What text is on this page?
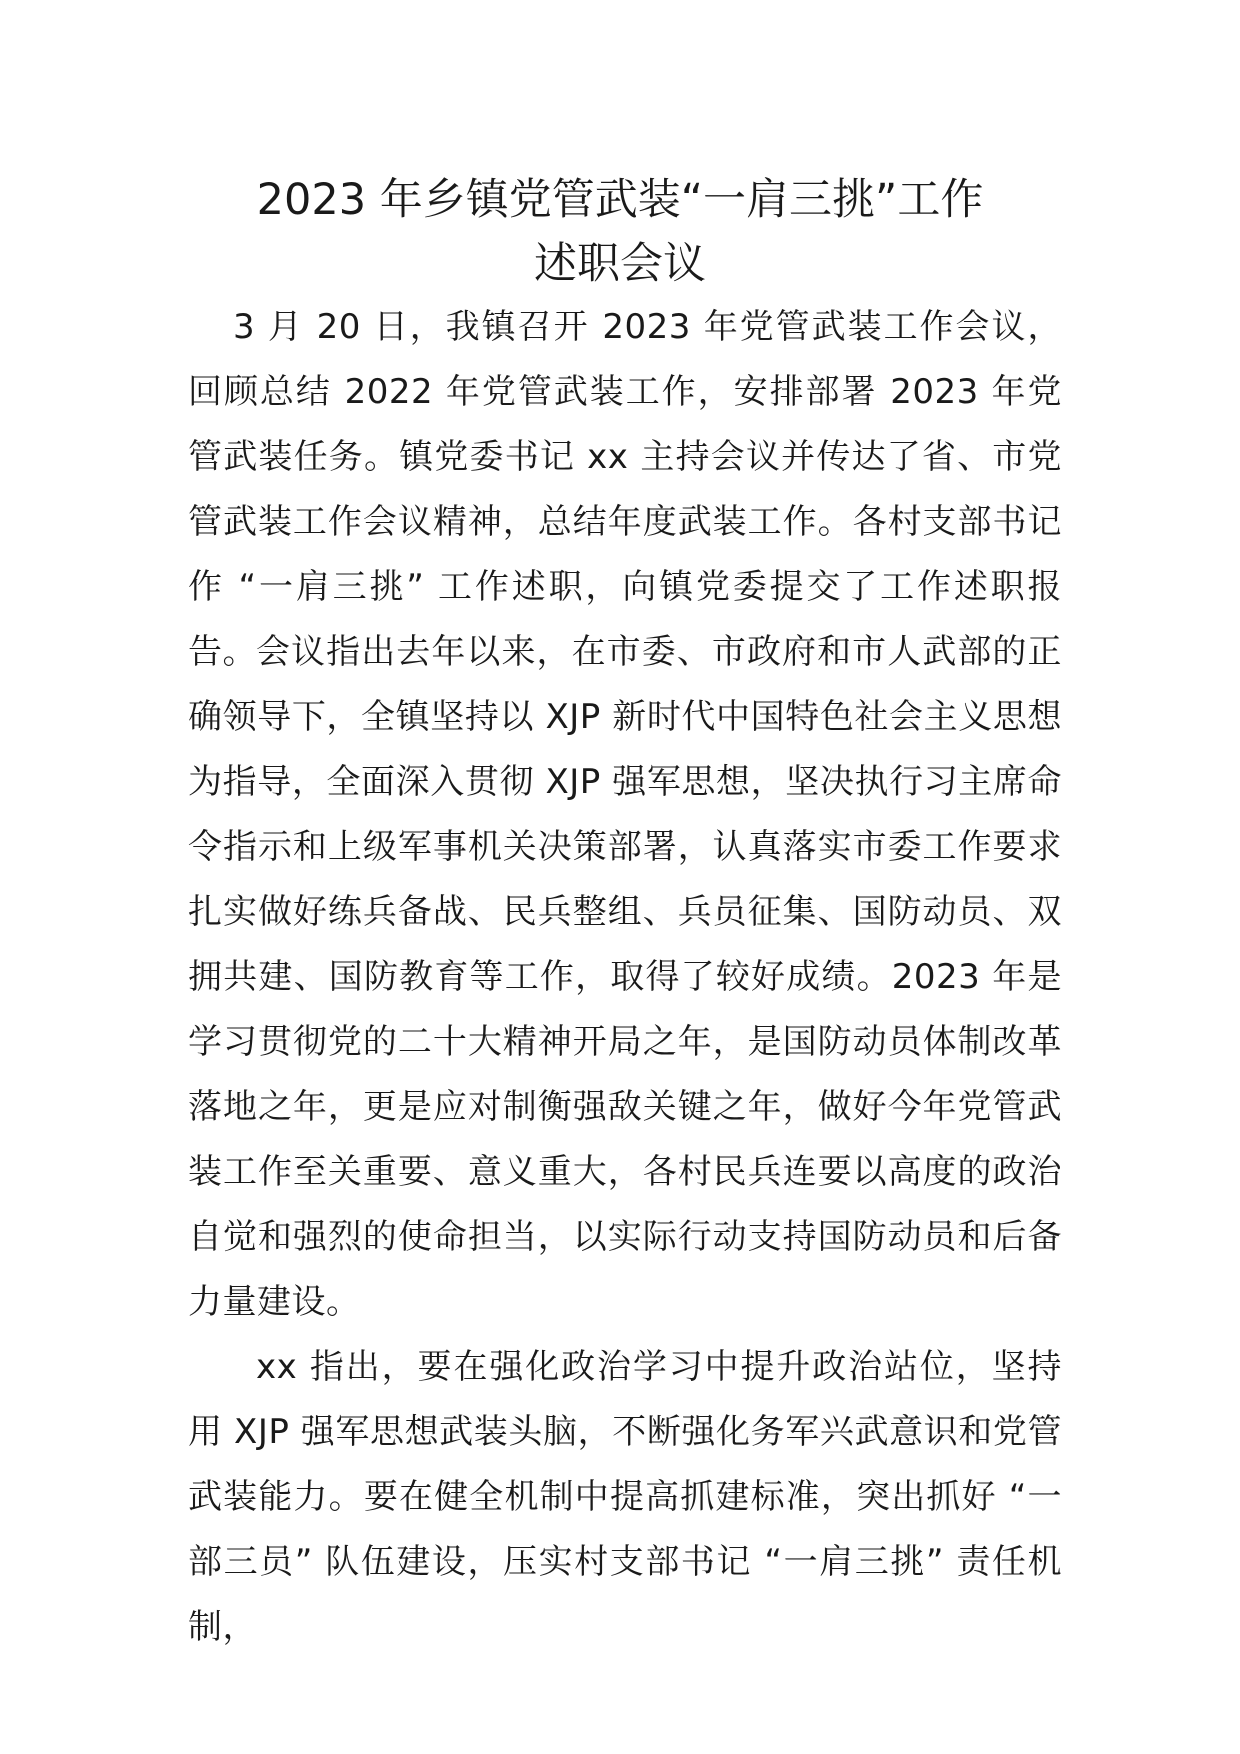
2023 年乡镇党管武装“一肩三挑”工作
述职会议

3 月 20 日，我镇召开 2023 年党管武装工作会议，回顾总结 2022 年党管武装工作，安排部署 2023 年党管武装任务。镇党委书记 xx 主持会议并传达了省、市党管武装工作会议精神，总结年度武装工作。各村支部书记作 “一肩三挑” 工作述职，向镇党委提交了工作述职报告。 会议指出去年以来，在市委、市政府和市人武部的正确领导下，全镇坚持以 XJP 新时代中国特色社会主义思想为指导，全面深入贯彻 XJP 强军思想，坚决执行习主席命令指示和上级军事机关决策部署，认真落实市委工作要求扎实做好练兵备战、民兵整组、兵员征集、国防动员、双拥共建、国防教育等工作，取得了较好成绩。2023 年是学习贯彻党的二十大精神开局之年，是国防动员体制改革落地之年，更是应对制衡强敌关键之年，做好今年党管武装工作至关重要、意义重大，各村民兵连要以高度的政治自觉和强烈的使命担当，以实际行动支持国防动员和后备力量建设。

xx 指出，要在强化政治学习中提升政治站位，坚持用 XJP 强军思想武装头脑，不断强化务军兴武意识和党管武装能力。要在健全机制中提高抓建标准，突出抓好 “一部三员” 队伍建设，压实村支部书记 “一肩三挑” 责任机制，
